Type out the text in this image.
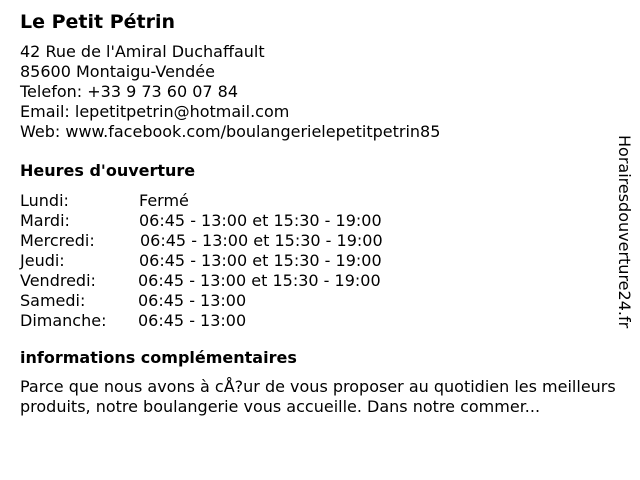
Le Petit Pétrin
42 Rue de l'Amiral Duchaffault
85600 Montaigu-Vendée
Telefon: +33 9 73 60 07 84
Email: lepetitpetrin@hotmail.com
Web: www.facebook.com/boulangerielepetitpetrin85
Heures d'ouverture
Lundi:	Fermé
Mardi:	06:45 - 13:00 et 15:30 - 19:00
Mercredi:	06:45 - 13:00 et 15:30 - 19:00
Jeudi:	06:45 - 13:00 et 15:30 - 19:00
Vendredi:	06:45 - 13:00 et 15:30 - 19:00
Samedi:	06:45 - 13:00
Dimanche: 06:45 - 13:00
informations complémentaires
Parce que nous avons à cÅ?ur de vous proposer au quotidien les meilleurs produits, notre boulangerie vous accueille. Dans notre commer...
Horairesdouverture24.fr
